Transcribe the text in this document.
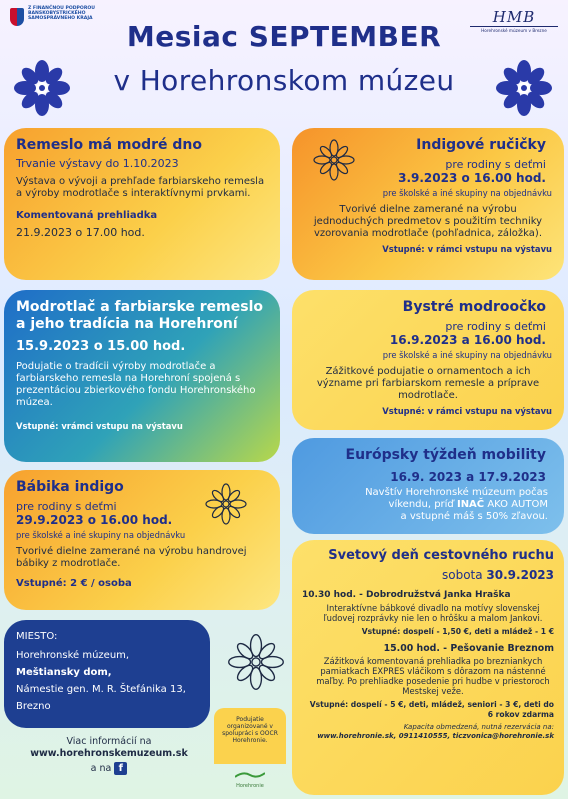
Z FINANČNOU PODPOROU BANSKOBYSTRICKÉHO SAMOSPRÁVNEHO KRAJA	HMB
Horehronské múzeum v Brezne
Mesiac SEPTEMBER
v Horehronskom múzeu
Remeslo má modré dno
Trvanie výstavy do 1.10.2023
Výstava o vývoji a prehľade farbiarskeho remesla a výroby modrotlače s interaktívnymi prvkami.
Komentovaná prehliadka
21.9.2023 o 17.00 hod.
Indigové ručičky
pre rodiny s deťmi
3.9.2023 o 16.00 hod.
pre školské a iné skupiny na objednávku
Tvorivé dielne zamerané na výrobu jednoduchých predmetov s použitím techniky vzorovania modrotlače (pohľadnica, záložka).
Vstupné: v rámci vstupu na výstavu
Modrotlač a farbiarske remeslo a jeho tradícia na Horehroní
15.9.2023 o 15.00 hod.
Podujatie o tradícii výroby modrotlače a farbiarskeho remesla na Horehroní spojená s prezentáciou zbierkového fondu Horehronského múzea.
Vstupné: vrámci vstupu na výstavu
Bystré modroočko
pre rodiny s deťmi
16.9.2023 a 16.00 hod.
pre školské a iné skupiny na objednávku
Zážitkové podujatie o ornamentoch a ich význame pri farbiarskom remesle a príprave modrotlače.
Vstupné: v rámci vstupu na výstavu
Európsky týždeň mobility
16.9. 2023 a 17.9.2023
Navštív Horehronské múzeum počas
víkendu, príď INAČ AKO AUTOM
a vstupné máš s 50% zľavou.
Bábika indigo
pre rodiny s deťmi
29.9.2023 o 16.00 hod.
pre školské a iné skupiny na objednávku
Tvorivé dielne zamerané na výrobu handrovej bábiky z modrotlače.
Vstupné: 2 € / osoba
Svetový deň cestovného ruchu
sobota 30.9.2023
10.30 hod. - Dobrodružstvá Janka Hraška
Interaktívne bábkové divadlo na motívy slovenskej ľudovej rozprávky nie len o hrôšku a malom Jankovi.
Vstupné: dospelí - 1,50 €, deti a mládež - 1 €
15.00 hod. - Pešovanie Breznom
Zážitková komentovaná prehliadka po brezniankych pamiatkach EXPRES vláčikom s dôrazom na nástenné maľby. Po prehliadke posedenie pri hudbe v priestoroch Mestskej veže.
Vstupné: dospelí - 5 €, deti, mládež, seniori - 3 €, deti do 6 rokov zdarma
Kapacita obmedzená, nutná rezervácia na:
www.horehronie.sk, 0911410555, ticzvonica@horehronie.sk
MIESTO:
Horehronské múzeum,
Meštiansky dom,
Námestie gen. M. R. Štefánika 13,
Brezno
Viac informácií na
www.horehronskemuzeum.sk
a na f
Podujatie organizované v spolupráci s OOCR Horehronie.
Horehronie
